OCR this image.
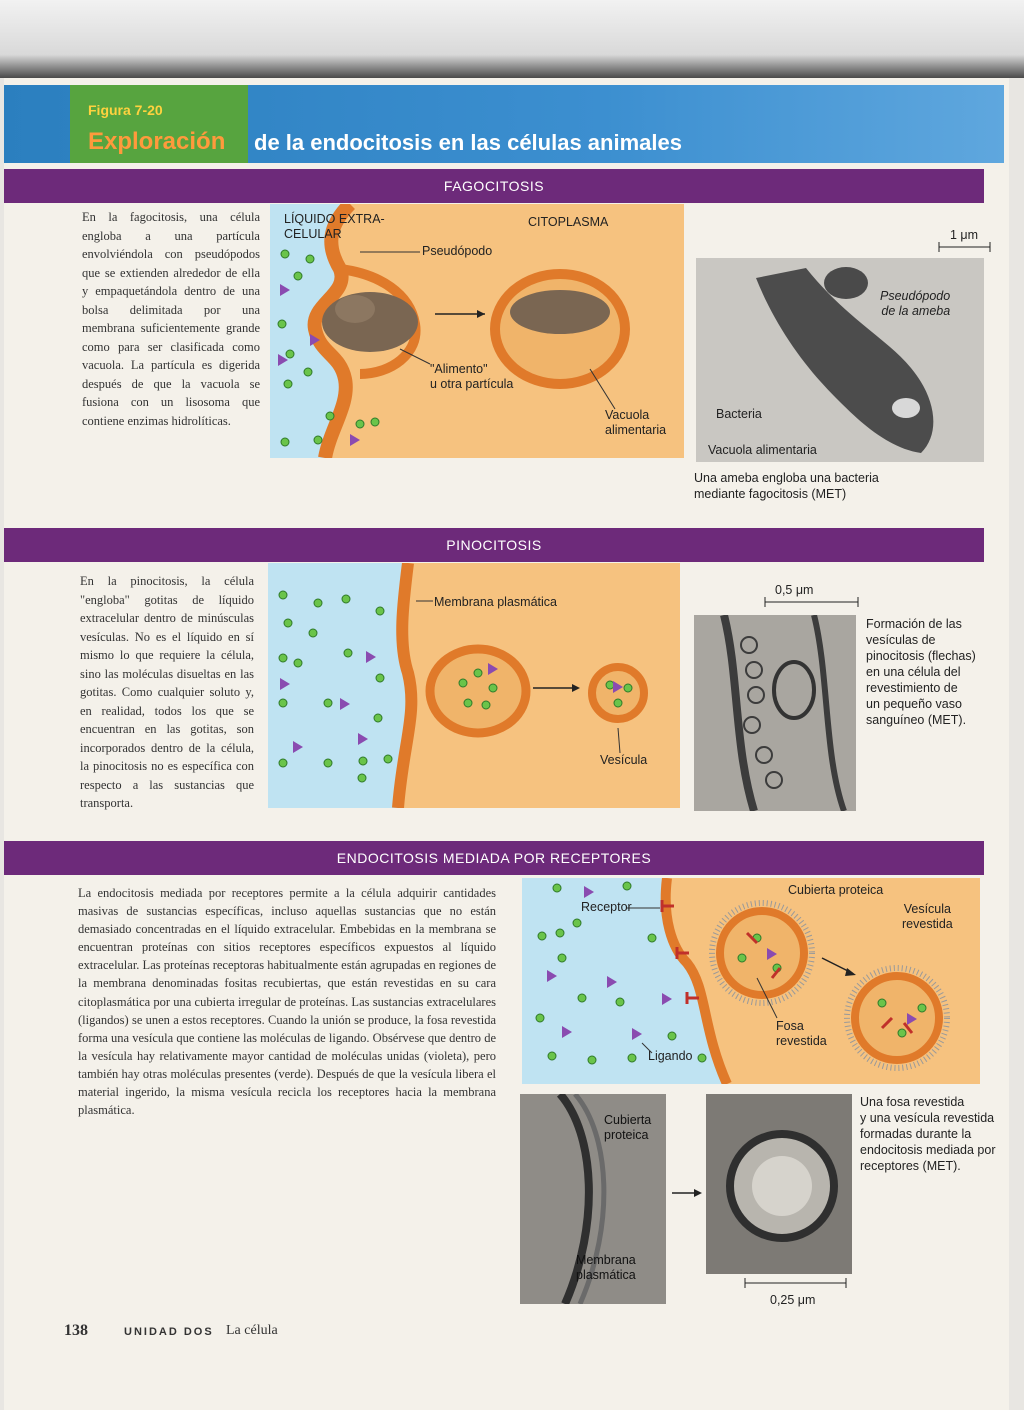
Figura 7-20
Exploración de la endocitosis en las células animales
FAGOCITOSIS
En la fagocitosis, una célula engloba a una partícula envolviéndola con pseudópodos que se extienden alrededor de ella y empaquetándola dentro de una bolsa delimitada por una membrana suficientemente grande como para ser clasificada como vacuola. La partícula es digerida después de que la vacuola se fusiona con un lisosoma que contiene enzimas hidrolíticas.
LÍQUIDO EXTRA-
CELULAR
CITOPLASMA
Pseudópodo
"Alimento"
u otra partícula
Vacuola
alimentaria
1 μm
Pseudópodo
de la ameba
Bacteria
Vacuola alimentaria
Una ameba engloba una bacteria
mediante fagocitosis (MET)
PINOCITOSIS
En la pinocitosis, la célula "engloba" gotitas de líquido extracelular dentro de minúsculas vesículas. No es el líquido en sí mismo lo que requiere la célula, sino las moléculas disueltas en las gotitas. Como cualquier soluto y, en realidad, todos los que se encuentran en las gotitas, son incorporados dentro de la célula, la pinocitosis no es específica con respecto a las sustancias que transporta.
Membrana plasmática
Vesícula
0,5 μm
Formación de las
vesículas de
pinocitosis (flechas)
en una célula del
revestimiento de
un pequeño vaso
sanguíneo (MET).
ENDOCITOSIS MEDIADA POR RECEPTORES
La endocitosis mediada por receptores permite a la célula adquirir cantidades masivas de sustancias específicas, incluso aquellas sustancias que no están demasiado concentradas en el líquido extracelular. Embebidas en la membrana se encuentran proteínas con sitios receptores específicos expuestos al líquido extracelular. Las proteínas receptoras habitualmente están agrupadas en regiones de la membrana denominadas fositas recubiertas, que están revestidas en su cara citoplasmática por una cubierta irregular de proteínas. Las sustancias extracelulares (ligandos) se unen a estos receptores. Cuando la unión se produce, la fosa revestida forma una vesícula que contiene las moléculas de ligando. Obsérvese que dentro de la vesícula hay relativamente mayor cantidad de moléculas unidas (violeta), pero también hay otras moléculas presentes (verde). Después de que la vesícula libera el material ingerido, la misma vesícula recicla los receptores hacia la membrana plasmática.
Receptor
Cubierta proteica
Vesícula
revestida
Fosa
revestida
Ligando
Cubierta
proteica
Membrana
plasmática
0,25 μm
Una fosa revestida
y una vesícula revestida
formadas durante la
endocitosis mediada por
receptores (MET).
138	UNIDAD DOS La célula
